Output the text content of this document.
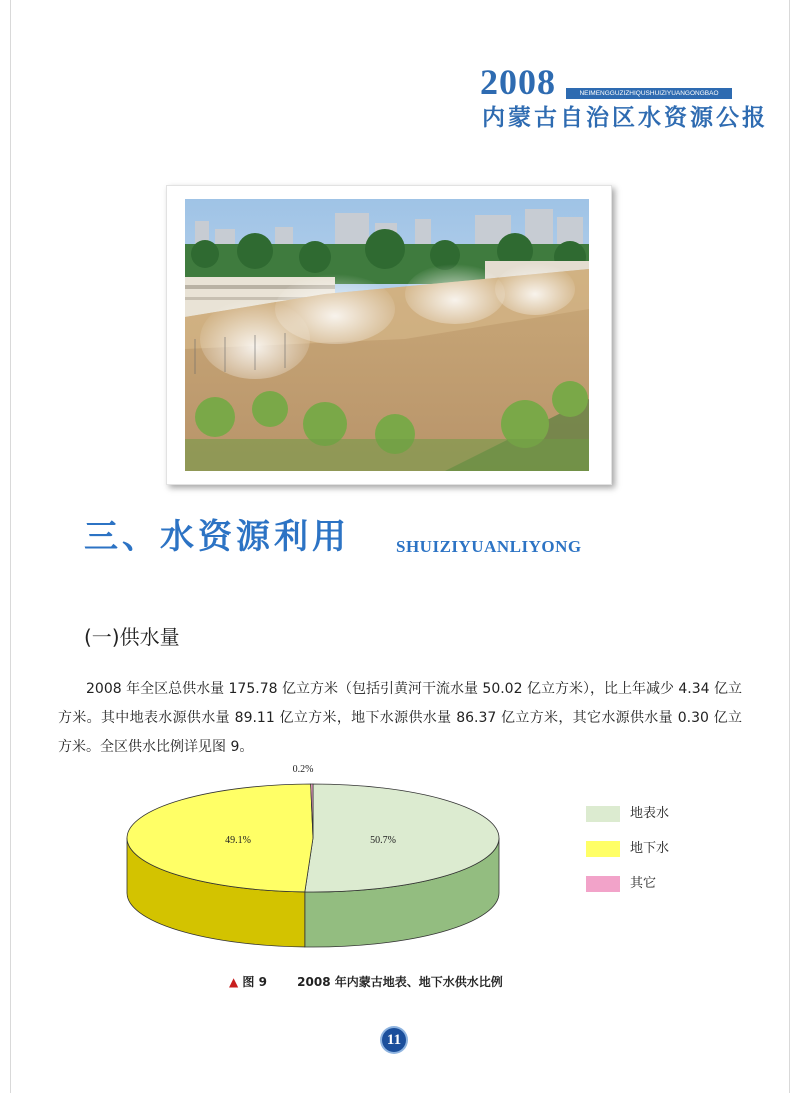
2008	NEIMENGGUZIZHIQUSHUIZIYUANGONGBAO
内蒙古自治区水资源公报
三、水资源利用	SHUIZIYUANLIYONG
(一)供水量
2008 年全区总供水量 175.78 亿立方米（包括引黄河干流水量 50.02 亿立方米），比上年减少 4.34 亿立方米。其中地表水源供水量 89.11 亿立方米，地下水源供水量 86.37 亿立方米，其它水源供水量 0.30 亿立方米。全区供水比例详见图 9。
50.7%
49.1%
0.2%
地表水
地下水
其它
▲ 图 9	2008 年内蒙古地表、地下水供水比例
11
